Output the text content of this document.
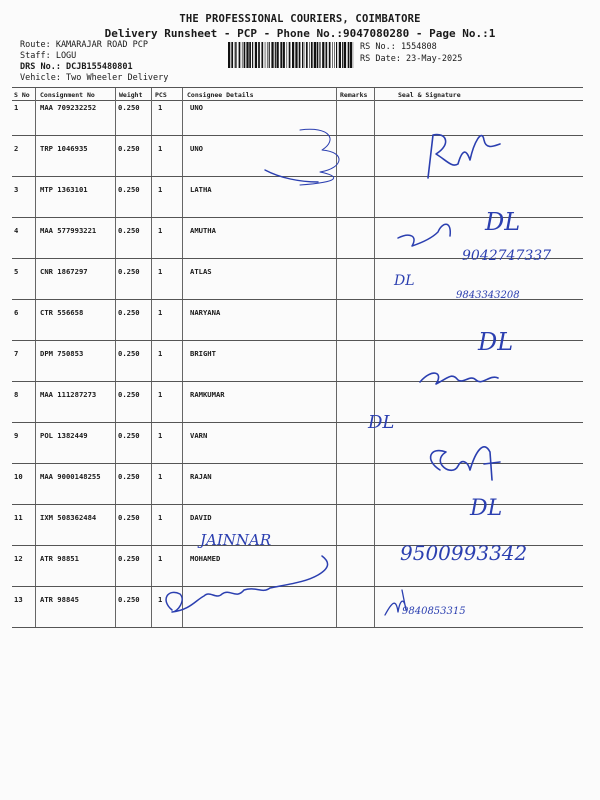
THE PROFESSIONAL COURIERS, COIMBATORE
Delivery Runsheet - PCP - Phone No.:9047080280 - Page No.:1
Route: KAMARAJAR ROAD PCP
Staff: LOGU
DRS No.: DCJB155480801
Vehicle: Two Wheeler Delivery
RS No.: 1554808
RS Date: 23-May-2025
S No Consignment No	Weight PCS	Consignee Details	Remarks	Seal & Signature
1	MAA 709232252	0.250	1	UNO
2	TRP 1046935	0.250	1	UNO
3	MTP 1363101	0.250	1	LATHA
4	MAA 577993221	0.250	1	AMUTHA
5	CNR 1867297	0.250	1	ATLAS
6	CTR 556658	0.250	1	NARYANA
7	DPM 750853	0.250	1	BRIGHT
8	MAA 111287273	0.250	1	RAMKUMAR
9	POL 1382449	0.250	1	VARN
10 MAA 9000148255 0.250	1	RAJAN
11 IXM 508362484	0.250	1	DAVID
12 ATR 98851	0.250	1	MOHAMED
13 ATR 98845	0.250	1
9042747337
9843343208
DL
DL
DL
DL
DL
JAINNAR
9500993342
9840853315
